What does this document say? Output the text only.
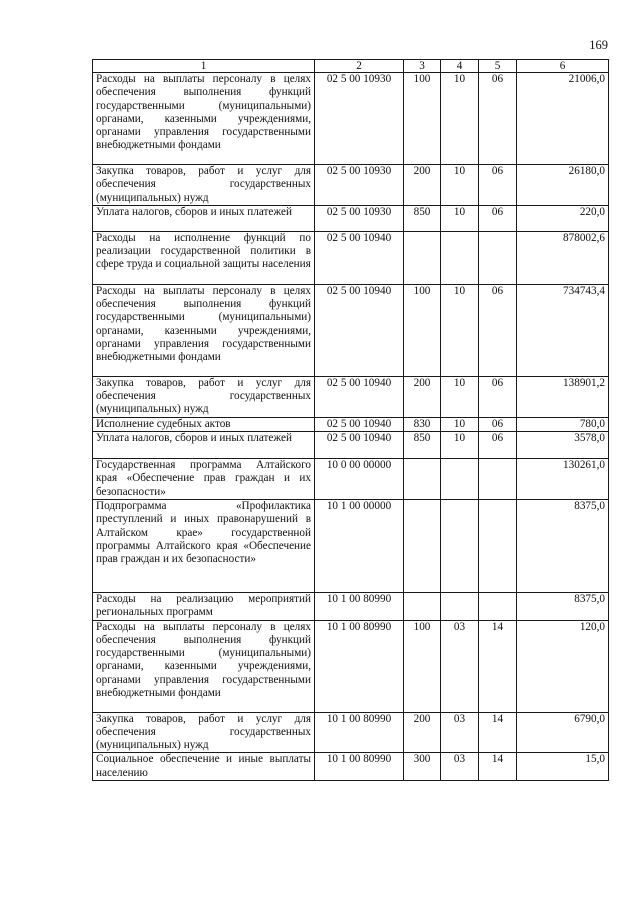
169
1	2	3	4	5	6
Расходы на выплаты персоналу в целях обеспечения выполнения функций государственными (муниципальными) органами, казенными учреждениями, органами управления государственными внебюджетными фондами	02 5 00 10930	100	10	06	21006,0
Закупка товаров, работ и услуг для обеспечения государственных (муниципальных) нужд	02 5 00 10930	200	10	06	26180,0
Уплата налогов, сборов и иных платежей	02 5 00 10930	850	10	06	220,0
Расходы на исполнение функций по реализации государственной политики в сфере труда и социальной защиты населения	02 5 00 10940				878002,6
Расходы на выплаты персоналу в целях обеспечения выполнения функций государственными (муниципальными) органами, казенными учреждениями, органами управления государственными внебюджетными фондами	02 5 00 10940	100	10	06	734743,4
Закупка товаров, работ и услуг для обеспечения государственных (муниципальных) нужд	02 5 00 10940	200	10	06	138901,2
Исполнение судебных актов	02 5 00 10940	830	10	06	780,0
Уплата налогов, сборов и иных платежей	02 5 00 10940	850	10	06	3578,0
Государственная программа Алтайского края «Обеспечение прав граждан и их безопасности»	10 0 00 00000				130261,0
Подпрограмма «Профилактика преступлений и иных правонарушений в Алтайском крае» государственной программы Алтайского края «Обеспечение прав граждан и их безопасности»	10 1 00 00000				8375,0
Расходы на реализацию мероприятий региональных программ	10 1 00 80990				8375,0
Расходы на выплаты персоналу в целях обеспечения выполнения функций государственными (муниципальными) органами, казенными учреждениями, органами управления государственными внебюджетными фондами	10 1 00 80990	100	03	14	120,0
Закупка товаров, работ и услуг для обеспечения государственных (муниципальных) нужд	10 1 00 80990	200	03	14	6790,0
Социальное обеспечение и иные выплаты населению	10 1 00 80990	300	03	14	15,0
